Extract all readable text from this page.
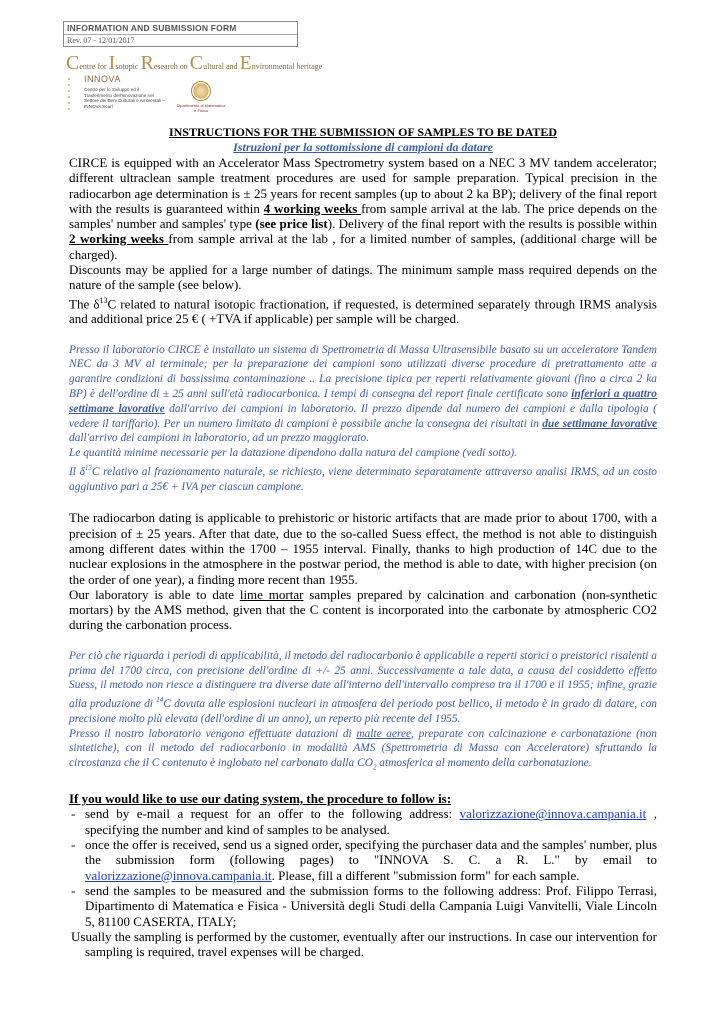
INFORMATION AND SUBMISSION FORM
Rev. 07 - 12/01/2017
Centre for Isotopic Research on Cultural and Environmental heritage
INNOVA
Centro per lo Sviluppo ed il Trasferimento dell'Innovazione nel Settore dei Beni Culturali e Ambientali – INNOVA Scarl	Dipartimento di Matematica e Fisica

INSTRUCTIONS FOR THE SUBMISSION OF SAMPLES TO BE DATED

Istruzioni per la sottomissione di campioni da datare

CIRCE is equipped with an Accelerator Mass Spectrometry system based on a NEC 3 MV tandem accelerator; different ultraclean sample treatment procedures are used for sample preparation. Typical precision in the radiocarbon age determination is ± 25 years for recent samples (up to about 2 ka BP); delivery of the final report with the results is guaranteed within 4 working weeks from sample arrival at the lab. The price depends on the samples' number and samples' type (see price list). Delivery of the final report with the results is possible within 2 working weeks from sample arrival at the lab , for a limited number of samples, (additional charge will be charged).

Discounts may be applied for a large number of datings. The minimum sample mass required depends on the nature of the sample (see below).

The $\delta^{13}C$ related to natural isotopic fractionation, if requested, is determined separately through IRMS analysis and additional price 25 € ( +TVA if applicable) per sample will be charged.

Presso il laboratorio CIRCE è installato un sistema di Spettrometria di Massa Ultrasensibile basato su un acceleratore Tandem NEC da 3 MV al terminale; per la preparazione dei campioni sono utilizzati diverse procedure di pretrattamento atte a garantire condizioni di bassissima contaminazione .. La precisione tipica per reperti relativamente giovani (fino a circa 2 ka BP) è dell'ordine di ± 25 anni sull'età radiocarbonica. I tempi di consegna del report finale certificato sono inferiori a quattro settimane lavorative dall'arrivo dei campioni in laboratorio. Il prezzo dipende dal numero dei campioni e dalla tipologia ( vedere il tariffario). Per un numero limitato di campioni è possibile anche la consegna dei risultati in due settimane lavorative dall'arrivo dei campioni in laboratorio, ad un prezzo maggiorato.

Le quantità minime necessarie per la datazione dipendono dalla natura del campione (vedi sotto).

Il $\delta^{13}C$ relativo al frazionamento naturale, se richiesto, viene determinato separatamente attraverso analisi IRMS, ad un costo aggiuntivo pari a 25€ + IVA per ciascun campione.

The radiocarbon dating is applicable to prehistoric or historic artifacts that are made prior to about 1700, with a precision of ± 25 years. After that date, due to the so-called Suess effect, the method is not able to distinguish among different dates within the 1700 – 1955 interval. Finally, thanks to high production of 14C due to the nuclear explosions in the atmosphere in the postwar period, the method is able to date, with higher precision (on the order of one year), a finding more recent than 1955.

Our laboratory is able to date lime mortar samples prepared by calcination and carbonation (non-synthetic mortars) by the AMS method, given that the C content is incorporated into the carbonate by atmospheric CO2 during the carbonation process.

Per ciò che riguarda i periodi di applicabilità, il metodo del radiocarbonio è applicabile a reperti storici o preistorici risalenti a prima del 1700 circa, con precisione dell'ordine di +/- 25 anni. Successivamente a tale data, a causa del cosiddetto effetto Suess, il metodo non riesce a distinguere tra diverse date all'interno dell'intervallo compreso tra il 1700 e il 1955; infine, grazie alla produzione di $^{14}$C dovuta alle esplosioni nucleari in atmosfera del periodo post bellico, il metodo è in grado di datare, con precisione molto più elevata (dell'ordine di un anno), un reperto più recente del 1955.

Presso il nostro laboratorio vengono effettuate datazioni di malte aeree, preparate con calcinazione e carbonatazione (non sintetiche), con il metodo del radiocarbonio in modalità AMS (Spettrometria di Massa con Acceleratore) sfruttando la circostanza che il C contenuto è inglobato nel carbonato dalla $CO_2$ atmosferica al momento della carbonatazione.

If you would like to use our dating system, the procedure to follow is:

- send by e-mail a request for an offer to the following address: valorizzazione@innova.campania.it , specifying the number and kind of samples to be analysed.
- once the offer is received, send us a signed order, specifying the purchaser data and the samples' number, plus the submission form (following pages) to "INNOVA S. C. a R. L." by email to valorizzazione@innova.campania.it. Please, fill a different "submission form" for each sample.
- send the samples to be measured and the submission forms to the following address: Prof. Filippo Terrasi, Dipartimento di Matematica e Fisica - Università degli Studi della Campania Luigi Vanvitelli, Viale Lincoln 5, 81100 CASERTA, ITALY;

Usually the sampling is performed by the customer, eventually after our instructions. In case our intervention for sampling is required, travel expenses will be charged.
